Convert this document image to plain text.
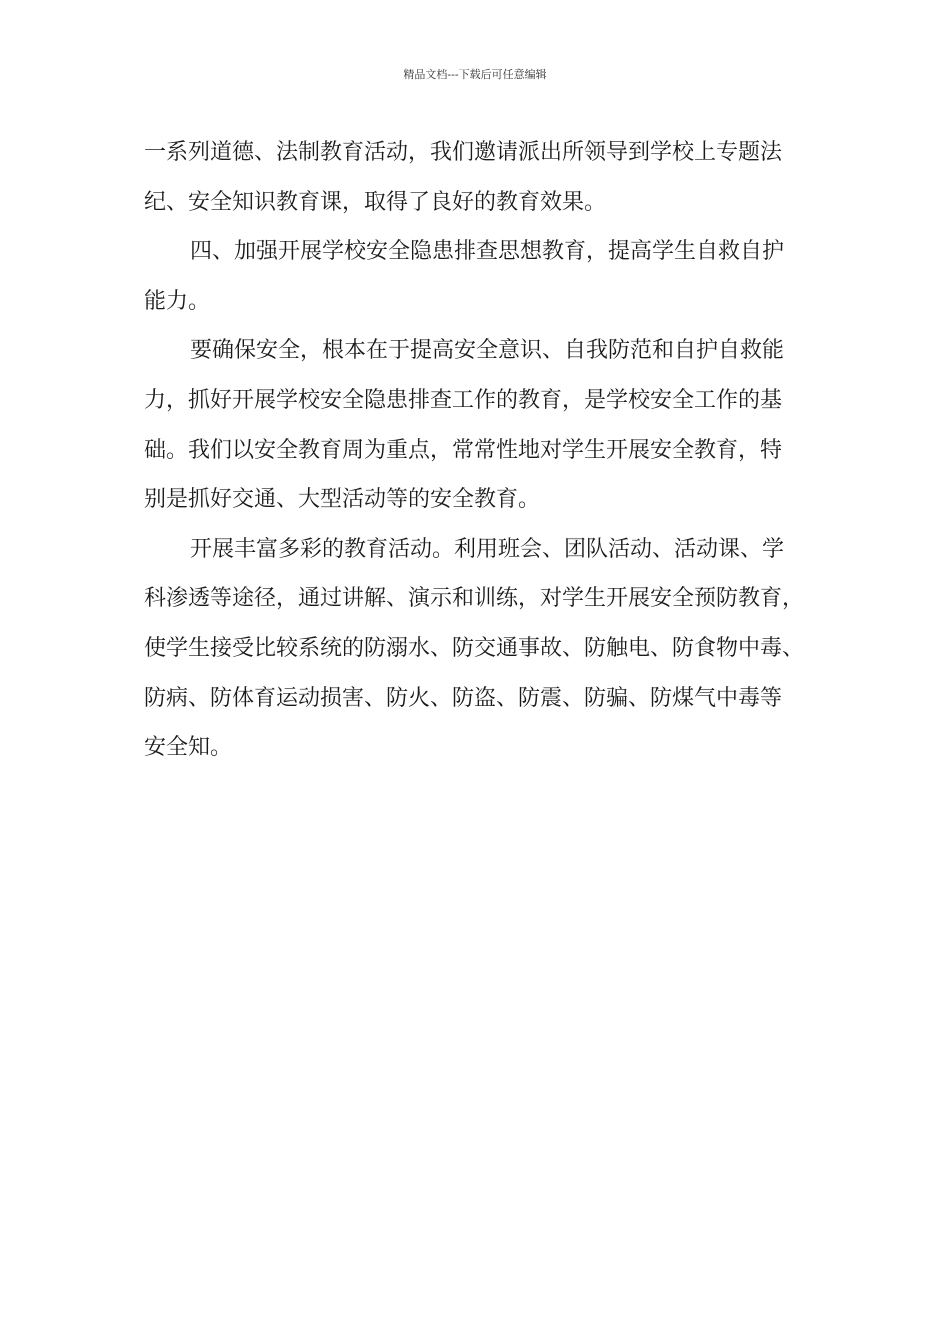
精品文档---下载后可任意编辑

一系列道德、法制教育活动，我们邀请派出所领导到学校上专题法
纪、安全知识教育课，取得了良好的教育效果。

四、加强开展学校安全隐患排查思想教育，提高学生自救自护
能力。

要确保安全，根本在于提高安全意识、自我防范和自护自救能
力，抓好开展学校安全隐患排查工作的教育，是学校安全工作的基
础。我们以安全教育周为重点，常常性地对学生开展安全教育，特
别是抓好交通、大型活动等的安全教育。

开展丰富多彩的教育活动。利用班会、团队活动、活动课、学
科渗透等途径，通过讲解、演示和训练，对学生开展安全预防教育，
使学生接受比较系统的防溺水、防交通事故、防触电、防食物中毒、
防病、防体育运动损害、防火、防盗、防震、防骗、防煤气中毒等
安全知。
